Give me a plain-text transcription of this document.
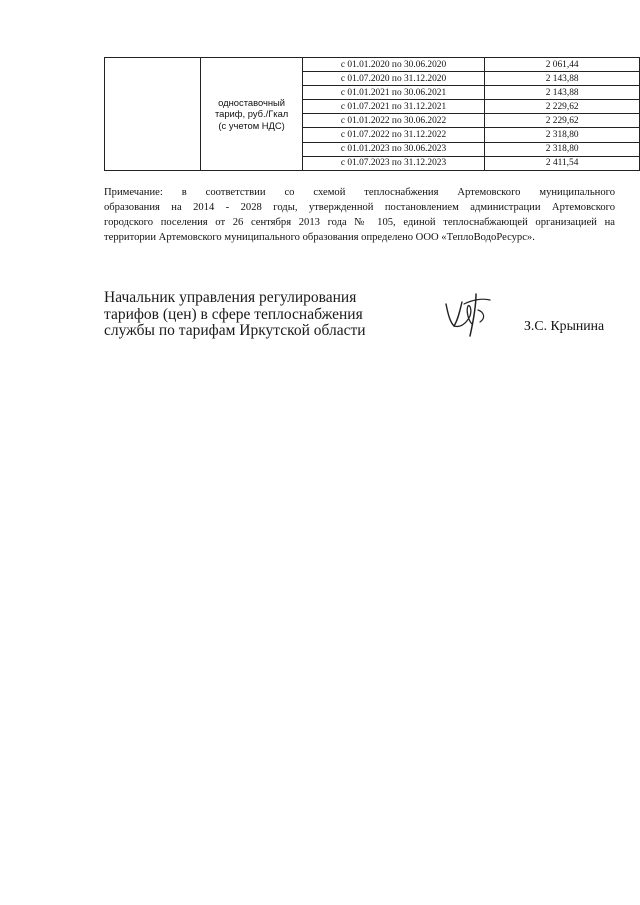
	одноставочный
тариф, руб./Гкал
(с учетом НДС)	с 01.01.2020 по 30.06.2020	2 061,44
		с 01.07.2020 по 31.12.2020	2 143,88
		с 01.01.2021 по 30.06.2021	2 143,88
		с 01.07.2021 по 31.12.2021	2 229,62
		с 01.01.2022 по 30.06.2022	2 229,62
		с 01.07.2022 по 31.12.2022	2 318,80
		с 01.01.2023 по 30.06.2023	2 318,80
		с 01.07.2023 по 31.12.2023	2 411,54
Примечание: в соответствии со схемой теплоснабжения Артемовского муниципального
образования на 2014 - 2028 годы, утвержденной постановлением администрации Артемовского
городского поселения от 26 сентября 2013 года № 105, единой теплоснабжающей организацией на
территории Артемовского муниципального образования определено ООО «ТеплоВодоРесурс».
Начальник управления регулирования
тарифов (цен) в сфере теплоснабжения
службы по тарифам Иркутской области	З.С. Крынина
